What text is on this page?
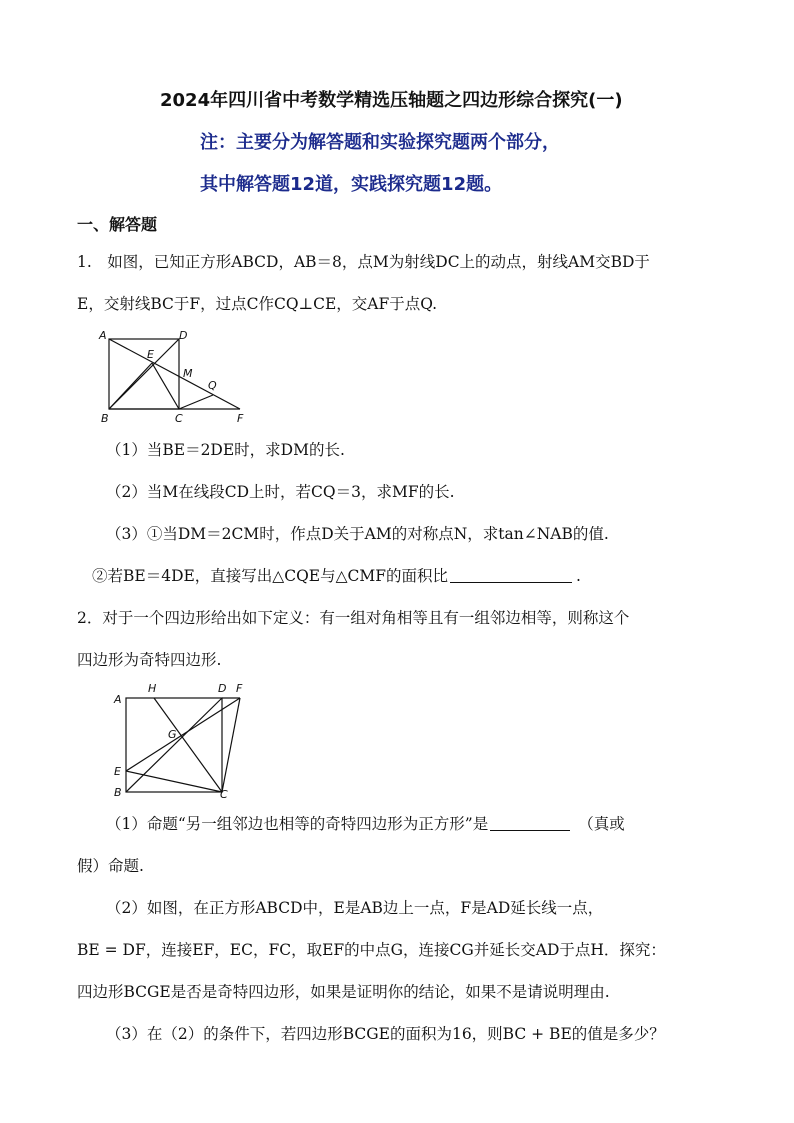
2024年四川省中考数学精选压轴题之四边形综合探究(一)
注：主要分为解答题和实验探究题两个部分，
其中解答题12道，实践探究题12题。
一、解答题
1.　如图，已知正方形ABCD，AB＝8，点M为射线DC上的动点，射线AM交BD于
E，交射线BC于F，过点C作CQ⊥CE，交AF于点Q.
A	D
E
M
Q
B	C	F
（1）当BE＝2DE时，求DM的长.
（2）当M在线段CD上时，若CQ＝3，求MF的长.
（3）①当DM＝2CM时，作点D关于AM的对称点N，求tan∠NAB的值.
②若BE＝4DE，直接写出△CQE与△CMF的面积比	.
2．对于一个四边形给出如下定义：有一组对角相等且有一组邻边相等，则称这个
四边形为奇特四边形.
A
H	D F
G
E
B	C
（1）命题“另一组邻边也相等的奇特四边形为正方形”是	（真或
假）命题.
（2）如图，在正方形ABCD中，E是AB边上一点，F是AD延长线一点，
BE = DF，连接EF，EC，FC，取EF的中点G，连接CG并延长交AD于点H．探究：
四边形BCGE是否是奇特四边形，如果是证明你的结论，如果不是请说明理由.
（3）在（2）的条件下，若四边形BCGE的面积为16，则BC + BE的值是多少？
